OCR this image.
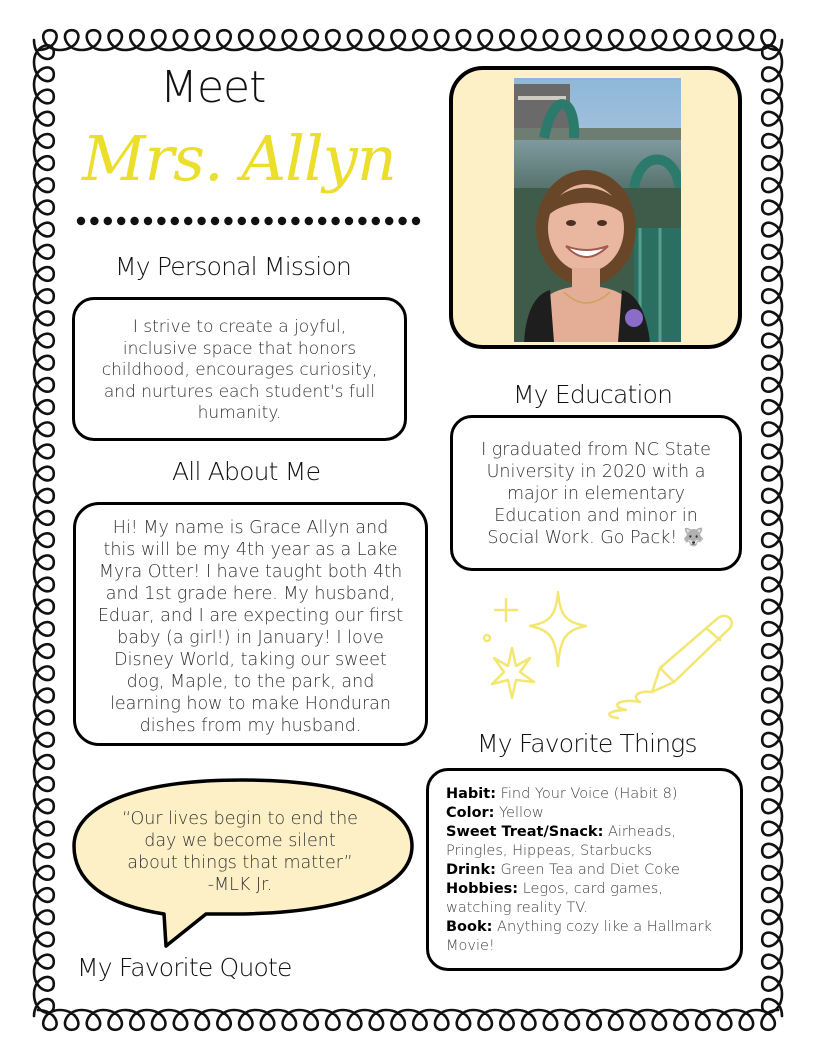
Meet
Mrs. Allyn
My Personal Mission

I strive to create a joyful, inclusive space that honors childhood, encourages curiosity, and nurtures each student's full humanity.

All About Me

Hi! My name is Grace Allyn and this will be my 4th year as a Lake Myra Otter! I have taught both 4th and 1st grade here. My husband, Eduar, and I are expecting our first baby (a girl!) in January! I love Disney World, taking our sweet dog, Maple, to the park, and learning how to make Honduran dishes from my husband.

“Our lives begin to end the day we become silent about things that matter” -MLK Jr.
My Favorite Quote
My Education

I graduated from NC State University in 2020 with a major in elementary Education and minor in Social Work. Go Pack! 🐺

My Favorite Things

Habit: Find Your Voice (Habit 8)

Color: Yellow

Sweet Treat/Snack: Airheads, Pringles, Hippeas, Starbucks

Drink: Green Tea and Diet Coke

Hobbies: Legos, card games, watching reality TV.

Book: Anything cozy like a Hallmark Movie!
